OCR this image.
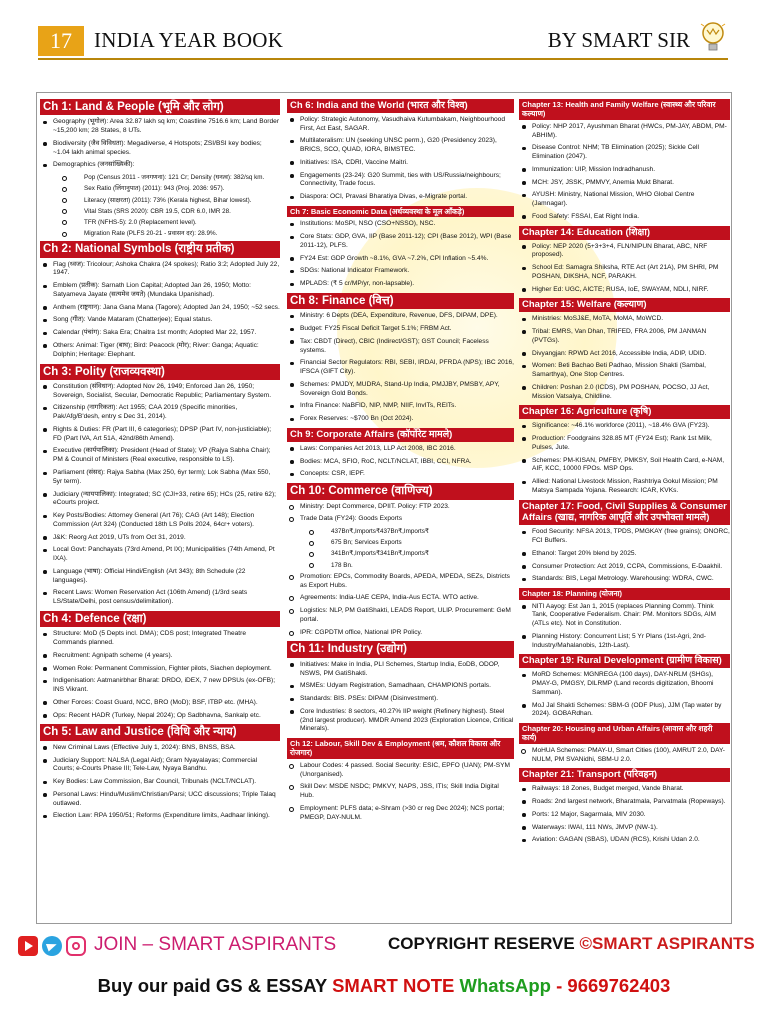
17	INDIA YEAR BOOK	BY SMART SIR
Ch 1: Land & People (भूमि और लोग)
Geography (भूगोल): Area 32.87 lakh sq km; Coastline 7516.6 km; Land Border ~15,200 km; 28 States, 8 UTs.
Biodiversity (जैव विविधता): Megadiverse, 4 Hotspots; ZSI/BSI key bodies; ~1.04 lakh animal species.
Demographics (जनसांख्यिकी):
Pop (Census 2011 - जनगणना): 121 Cr; Density (घनत्व): 382/sq km.
Sex Ratio (लिंगानुपात) (2011): 943 (Proj. 2036: 957).
Literacy (साक्षरता) (2011): 73% (Kerala highest, Bihar lowest).
Vital Stats (SRS 2020): CBR 19.5, CDR 6.0, IMR 28.
TFR (NFHS-5): 2.0 (Replacement level).
Migration Rate (PLFS 20-21 - प्रवासन दर): 28.9%.
Ch 2: National Symbols (राष्ट्रीय प्रतीक)
Flag (ध्वज): Tricolour; Ashoka Chakra (24 spokes); Ratio 3:2; Adopted July 22, 1947.
Emblem (प्रतीक): Sarnath Lion Capital; Adopted Jan 26, 1950; Motto: Satyameva Jayate (सत्यमेव जयते) (Mundaka Upanishad).
Anthem (राष्ट्रगान): Jana Gana Mana (Tagore); Adopted Jan 24, 1950; ~52 secs.
Song (गीत): Vande Mataram (Chatterjee); Equal status.
Calendar (पंचांग): Saka Era; Chaitra 1st month; Adopted Mar 22, 1957.
Others: Animal: Tiger (बाघ); Bird: Peacock (मोर); River: Ganga; Aquatic: Dolphin; Heritage: Elephant.
Ch 3: Polity (राजव्यवस्था)
Constitution (संविधान): Adopted Nov 26, 1949; Enforced Jan 26, 1950; Sovereign, Socialist, Secular, Democratic Republic; Parliamentary System.
Citizenship (नागरिकता): Act 1955; CAA 2019 (Specific minorities, Pak/Afg/B'desh, entry ≤ Dec 31, 2014).
Rights & Duties: FR (Part III, 6 categories); DPSP (Part IV, non-justiciable); FD (Part IVA, Art 51A, 42nd/86th Amend).
Executive (कार्यपालिका): President (Head of State); VP (Rajya Sabha Chair); PM & Council of Ministers (Real executive, responsible to LS).
Parliament (संसद): Rajya Sabha (Max 250, 6yr term); Lok Sabha (Max 550, 5yr term).
Judiciary (न्यायपालिका): Integrated; SC (CJI+33, retire 65); HCs (25, retire 62); eCourts project.
Key Posts/Bodies: Attorney General (Art 76); CAG (Art 148); Election Commission (Art 324) (Conducted 18th LS Polls 2024, 64cr+ voters).
J&K: Reorg Act 2019, UTs from Oct 31, 2019.
Local Govt: Panchayats (73rd Amend, Pt IX); Municipalities (74th Amend, Pt IXA).
Language (भाषा): Official Hindi/English (Art 343); 8th Schedule (22 languages).
Recent Laws: Women Reservation Act (106th Amend) (1/3rd seats LS/State/Delhi, post census/delimitation).
Ch 4: Defence (रक्षा)
Structure: MoD (5 Depts incl. DMA); CDS post; Integrated Theatre Commands planned.
Recruitment: Agnipath scheme (4 years).
Women Role: Permanent Commission, Fighter pilots, Siachen deployment.
Indigenisation: Aatmanirbhar Bharat: DRDO, iDEX, 7 new DPSUs (ex-OFB); INS Vikrant.
Other Forces: Coast Guard, NCC, BRO (MoD); BSF, ITBP etc. (MHA).
Ops: Recent HADR (Turkey, Nepal 2024); Op Sadbhavna, Sankalp etc.
Ch 5: Law and Justice (विधि और न्याय)
New Criminal Laws (Effective July 1, 2024): BNS, BNSS, BSA.
Judiciary Support: NALSA (Legal Aid); Gram Nyayalayas; Commercial Courts; e-Courts Phase III; Tele-Law, Nyaya Bandhu.
Key Bodies: Law Commission, Bar Council, Tribunals (NCLT/NCLAT).
Personal Laws: Hindu/Muslim/Christian/Parsi; UCC discussions; Triple Talaq outlawed.
Election Law: RPA 1950/51; Reforms (Expenditure limits, Aadhaar linking).
Ch 6: India and the World (भारत और विश्व)
Policy: Strategic Autonomy, Vasudhaiva Kutumbakam, Neighbourhood First, Act East, SAGAR.
Multilateralism: UN (seeking UNSC perm.), G20 (Presidency 2023), BRICS, SCO, QUAD, IORA, BIMSTEC.
Initiatives: ISA, CDRI, Vaccine Maitri.
Engagements (23-24): G20 Summit, ties with US/Russia/neighbours; Connectivity, Trade focus.
Diaspora: OCI, Pravasi Bharatiya Divas, e-Migrate portal.
Ch 7: Basic Economic Data (अर्थव्यवस्था के मूल आँकड़े)
Institutions: MoSPI, NSO (CSO+NSSO), NSC.
Core Stats: GDP, GVA, IIP (Base 2011-12); CPI (Base 2012), WPI (Base 2011-12), PLFS.
FY24 Est: GDP Growth ~8.1%, GVA ~7.2%, CPI Inflation ~5.4%.
SDGs: National Indicator Framework.
MPLADS: (₹ 5 cr/MP/yr, non-lapsable).
Ch 8: Finance (वित्त)
Ministry: 6 Depts (DEA, Expenditure, Revenue, DFS, DIPAM, DPE).
Budget: FY25 Fiscal Deficit Target 5.1%; FRBM Act.
Tax: CBDT (Direct), CBIC (Indirect/GST); GST Council; Faceless systems.
Financial Sector Regulators: RBI, SEBI, IRDAI, PFRDA (NPS); IBC 2016, IFSCA (GIFT City).
Schemes: PMJDY, MUDRA, Stand-Up India, PMJJBY, PMSBY, APY, Sovereign Gold Bonds.
Infra Finance: NaBFID, NIP, NMP, NIIF, InvITs, REITs.
Forex Reserves: ~$700 Bn (Oct 2024).
Ch 9: Corporate Affairs (कॉर्पोरेट मामले)
Laws: Companies Act 2013, LLP Act 2008, IBC 2016.
Bodies: MCA, SFIO, RoC, NCLT/NCLAT, IBBI, CCI, NFRA.
Concepts: CSR, IEPF.
Ch 10: Commerce (वाणिज्य)
Ministry: Dept Commerce, DPIIT. Policy: FTP 2023.
Trade Data (FY24): Goods Exports
437Bn₹,Imports₹437Bn₹,Imports₹
675 Bn; Services Exports
341Bn₹,Imports₹341Bn₹,Imports₹
178 Bn.
Promotion: EPCs, Commodity Boards, APEDA, MPEDA, SEZs, Districts as Export Hubs.
Agreements: India-UAE CEPA, India-Aus ECTA. WTO active.
Logistics: NLP, PM GatiShakti, LEADS Report, ULIP. Procurement: GeM portal.
IPR: CGPDTM office, National IPR Policy.
Ch 11: Industry (उद्योग)
Initiatives: Make in India, PLI Schemes, Startup India, EoDB, ODOP, NSWS, PM GatiShakti.
MSMEs: Udyam Registration, Samadhaan, CHAMPIONS portals.
Standards: BIS. PSEs: DIPAM (Disinvestment).
Core Industries: 8 sectors, 40.27% IIP weight (Refinery highest). Steel (2nd largest producer). MMDR Amend 2023 (Exploration Licence, Critical Minerals).
Ch 12: Labour, Skill Dev & Employment (श्रम, कौशल विकास और रोजगार)
Labour Codes: 4 passed. Social Security: ESIC, EPFO (UAN); PM-SYM (Unorganised).
Skill Dev: MSDE NSDC; PMKVY, NAPS, JSS, ITIs; Skill India Digital Hub.
Employment: PLFS data; e-Shram (>30 cr reg Dec 2024); NCS portal; PMEGP, DAY-NULM.
Chapter 13: Health and Family Welfare (स्वास्थ्य और परिवार कल्याण)
Policy: NHP 2017, Ayushman Bharat (HWCs, PM-JAY, ABDM, PM-ABHIM).
Disease Control: NHM; TB Elimination (2025); Sickle Cell Elimination (2047).
Immunization: UIP, Mission Indradhanush.
MCH: JSY, JSSK, PMMVY, Anemia Mukt Bharat.
AYUSH: Ministry, National Mission, WHO Global Centre (Jamnagar).
Food Safety: FSSAI, Eat Right India.
Chapter 14: Education (शिक्षा)
Policy: NEP 2020 (5+3+3+4, FLN/NIPUN Bharat, ABC, NRF proposed).
School Ed: Samagra Shiksha, RTE Act (Art 21A), PM SHRI, PM POSHAN, DIKSHA, NCF, PARAKH.
Higher Ed: UGC, AICTE; RUSA, IoE, SWAYAM, NDLI, NIRF.
Chapter 15: Welfare (कल्याण)
Ministries: MoSJ&E, MoTA, MoMA, MoWCD.
Tribal: EMRS, Van Dhan, TRIFED, FRA 2006, PM JANMAN (PVTGs).
Divyangjan: RPWD Act 2016, Accessible India, ADIP, UDID.
Women: Beti Bachao Beti Padhao, Mission Shakti (Sambal, Samarthya), One Stop Centres.
Children: Poshan 2.0 (ICDS), PM POSHAN, POCSO, JJ Act, Mission Vatsalya, Childline.
Chapter 16: Agriculture (कृषि)
Significance: ~46.1% workforce (2011), ~18.4% GVA (FY23).
Production: Foodgrains 328.85 MT (FY24 Est); Rank 1st Milk, Pulses, Jute.
Schemes: PM-KISAN, PMFBY, PMKSY, Soil Health Card, e-NAM, AIF, KCC, 10000 FPOs. MSP Ops.
Allied: National Livestock Mission, Rashtriya Gokul Mission; PM Matsya Sampada Yojana. Research: ICAR, KVKs.
Chapter 17: Food, Civil Supplies & Consumer Affairs (खाद्य, नागरिक आपूर्ति और उपभोक्ता मामले)
Food Security: NFSA 2013, TPDS, PMGKAY (free grains); ONORC, FCI Buffers.
Ethanol: Target 20% blend by 2025.
Consumer Protection: Act 2019, CCPA, Commissions, E-Daakhil.
Standards: BIS, Legal Metrology. Warehousing: WDRA, CWC.
Chapter 18: Planning (योजना)
NITI Aayog: Est Jan 1, 2015 (replaces Planning Comm). Think Tank, Cooperative Federalism. Chair: PM. Monitors SDGs, AIM (ATLs etc). Not in Constitution.
Planning History: Concurrent List; 5 Yr Plans (1st-Agri, 2nd-Industry/Mahalanobis, 12th-Last).
Chapter 19: Rural Development (ग्रामीण विकास)
MoRD Schemes: MGNREGA (100 days), DAY-NRLM (SHGs), PMAY-G, PMGSY, DILRMP (Land records digitization, Bhoomi Samman).
MoJ Jal Shakti Schemes: SBM-G (ODF Plus), JJM (Tap water by 2024). GOBARdhan.
Chapter 20: Housing and Urban Affairs (आवास और शहरी कार्य)
MoHUA Schemes: PMAY-U, Smart Cities (100), AMRUT 2.0, DAY-NULM, PM SVANidhi, SBM-U 2.0.
Chapter 21: Transport (परिवहन)
Railways: 18 Zones, Budget merged, Vande Bharat.
Roads: 2nd largest network, Bharatmala, Parvatmala (Ropeways).
Ports: 12 Major, Sagarmala, MIV 2030.
Waterways: IWAI, 111 NWs, JMVP (NW-1).
Aviation: GAGAN (SBAS), UDAN (RCS), Krishi Udan 2.0.
JOIN – SMART ASPIRANTS	COPYRIGHT RESERVE ©SMART ASPIRANTS
Buy our paid GS & ESSAY SMART NOTE WhatsApp - 9669762403
